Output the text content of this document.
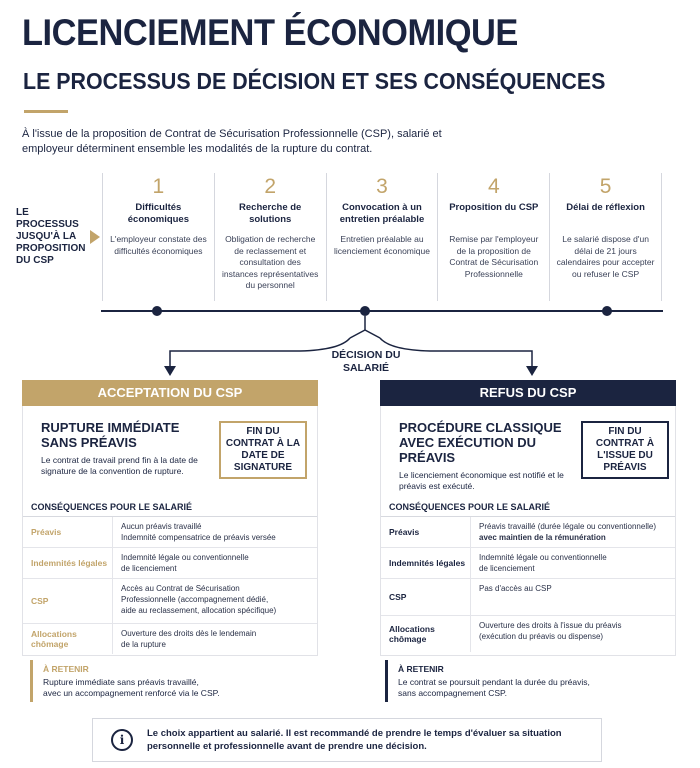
LICENCIEMENT ÉCONOMIQUE
LE PROCESSUS DE DÉCISION ET SES CONSÉQUENCES
À l'issue de la proposition de Contrat de Sécurisation Professionnelle (CSP), salarié et employeur déterminent ensemble les modalités de la rupture du contrat.
LE PROCESSUS JUSQU'À LA PROPOSITION DU CSP
1
Difficultés économiques
L'employeur constate des difficultés économiques
2
Recherche de solutions
Obligation de recherche de reclassement et consultation des instances représentatives du personnel
3
Convocation à un entretien préalable
Entretien préalable au licenciement économique
4
Proposition du CSP
Remise par l'employeur de la proposition de Contrat de Sécurisation Professionnelle
5
Délai de réflexion
Le salarié dispose d'un délai de 21 jours calendaires pour accepter ou refuser le CSP
DÉCISION DU SALARIÉ
ACCEPTATION DU CSP
RUPTURE IMMÉDIATE SANS PRÉAVIS
Le contrat de travail prend fin à la date de signature de la convention de rupture.
FIN DU CONTRAT À LA DATE DE SIGNATURE
CONSÉQUENCES POUR LE SALARIÉ
Préavis
Aucun préavis travaillé
Indemnité compensatrice de préavis versée
Indemnités légales
Indemnité légale ou conventionnelle
de licenciement
CSP
Accès au Contrat de Sécurisation
Professionnelle (accompagnement dédié,
aide au reclassement, allocation spécifique)
Allocations chômage
Ouverture des droits dès le lendemain
de la rupture
À RETENIR
Rupture immédiate sans préavis travaillé,
avec un accompagnement renforcé via le CSP.
REFUS DU CSP
PROCÉDURE CLASSIQUE AVEC EXÉCUTION DU PRÉAVIS
Le licenciement économique est notifié et le préavis est exécuté.
FIN DU CONTRAT À L'ISSUE DU PRÉAVIS
CONSÉQUENCES POUR LE SALARIÉ
Préavis
Préavis travaillé (durée légale ou conventionnelle)
avec maintien de la rémunération
Indemnités légales
Indemnité légale ou conventionnelle
de licenciement
CSP
Pas d'accès au CSP
Allocations chômage
Ouverture des droits à l'issue du préavis
(exécution du préavis ou dispense)
À RETENIR
Le contrat se poursuit pendant la durée du préavis,
sans accompagnement CSP.
i	Le choix appartient au salarié. Il est recommandé de prendre le temps d'évaluer sa situation personnelle et professionnelle avant de prendre une décision.
